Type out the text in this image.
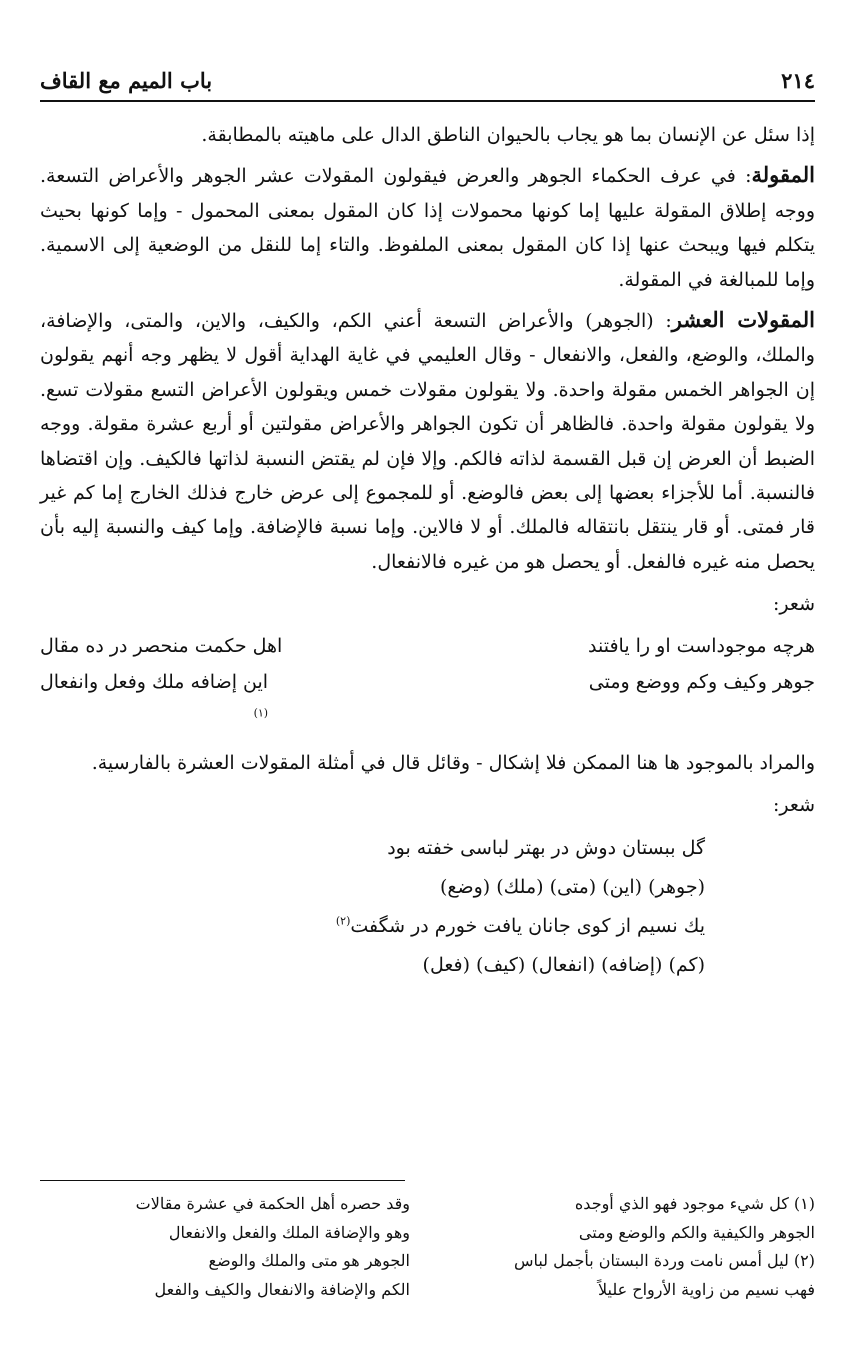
٢١٤
باب الميم مع القاف

إذا سئل عن الإنسان بما هو يجاب بالحيوان الناطق الدال على ماهيته بالمطابقة.

المقولة: في عرف الحكماء الجوهر والعرض فيقولون المقولات عشر الجوهر والأعراض التسعة. ووجه إطلاق المقولة عليها إما كونها محمولات إذا كان المقول بمعنى المحمول - وإما كونها بحيث يتكلم فيها ويبحث عنها إذا كان المقول بمعنى الملفوظ. والتاء إما للنقل من الوضعية إلى الاسمية. وإما للمبالغة في المقولة.

المقولات العشر: (الجوهر) والأعراض التسعة أعني الكم، والكيف، والاين، والمتى، والإضافة، والملك، والوضع، والفعل، والانفعال - وقال العليمي في غاية الهداية أقول لا يظهر وجه أنهم يقولون إن الجواهر الخمس مقولة واحدة. ولا يقولون مقولات خمس ويقولون الأعراض التسع مقولات تسع. ولا يقولون مقولة واحدة. فالظاهر أن تكون الجواهر والأعراض مقولتين أو أربع عشرة مقولة. ووجه الضبط أن العرض إن قبل القسمة لذاته فالكم. وإلا فإن لم يقتض النسبة لذاتها فالكيف. وإن اقتضاها فالنسبة. أما للأجزاء بعضها إلى بعض فالوضع. أو للمجموع إلى عرض خارج فذلك الخارج إما كم غير قار فمتى. أو قار ينتقل بانتقاله فالملك. أو لا فالاين. وإما نسبة فالإضافة. وإما كيف والنسبة إليه بأن يحصل منه غيره فالفعل. أو يحصل هو من غيره فالانفعال.

شعر:
هرچه موجوداست او را يافتند
اهل حكمت منحصر در ده مقال
جوهر وكيف وكم ووضع ومتى
اين إضافه ملك وفعل وانفعال
$^{(١)}$

والمراد بالموجود ها هنا الممكن فلا إشكال - وقائل قال في أمثلة المقولات العشرة بالفارسية.

شعر:
گل ببستان دوش در بهتر لباسى خفته بود
(جوهر) (اين) (متى) (ملك) (وضع)
يك نسيم از كوى جانان يافت خورم در شگفت$^{(٢)}$
(كم) (إضافه) (انفعال) (كيف) (فعل)
(١) كل شيء موجود فهو الذي أوجده
الجوهر والكيفية والكم والوضع ومتى
(٢) ليل أمس نامت وردة البستان بأجمل لباس
فهب نسيم من زاوية الأرواح عليلاً
وقد حصره أهل الحكمة في عشرة مقالات
وهو والإضافة الملك والفعل والانفعال
الجوهر هو متى والملك والوضع
الكم والإضافة والانفعال والكيف والفعل
